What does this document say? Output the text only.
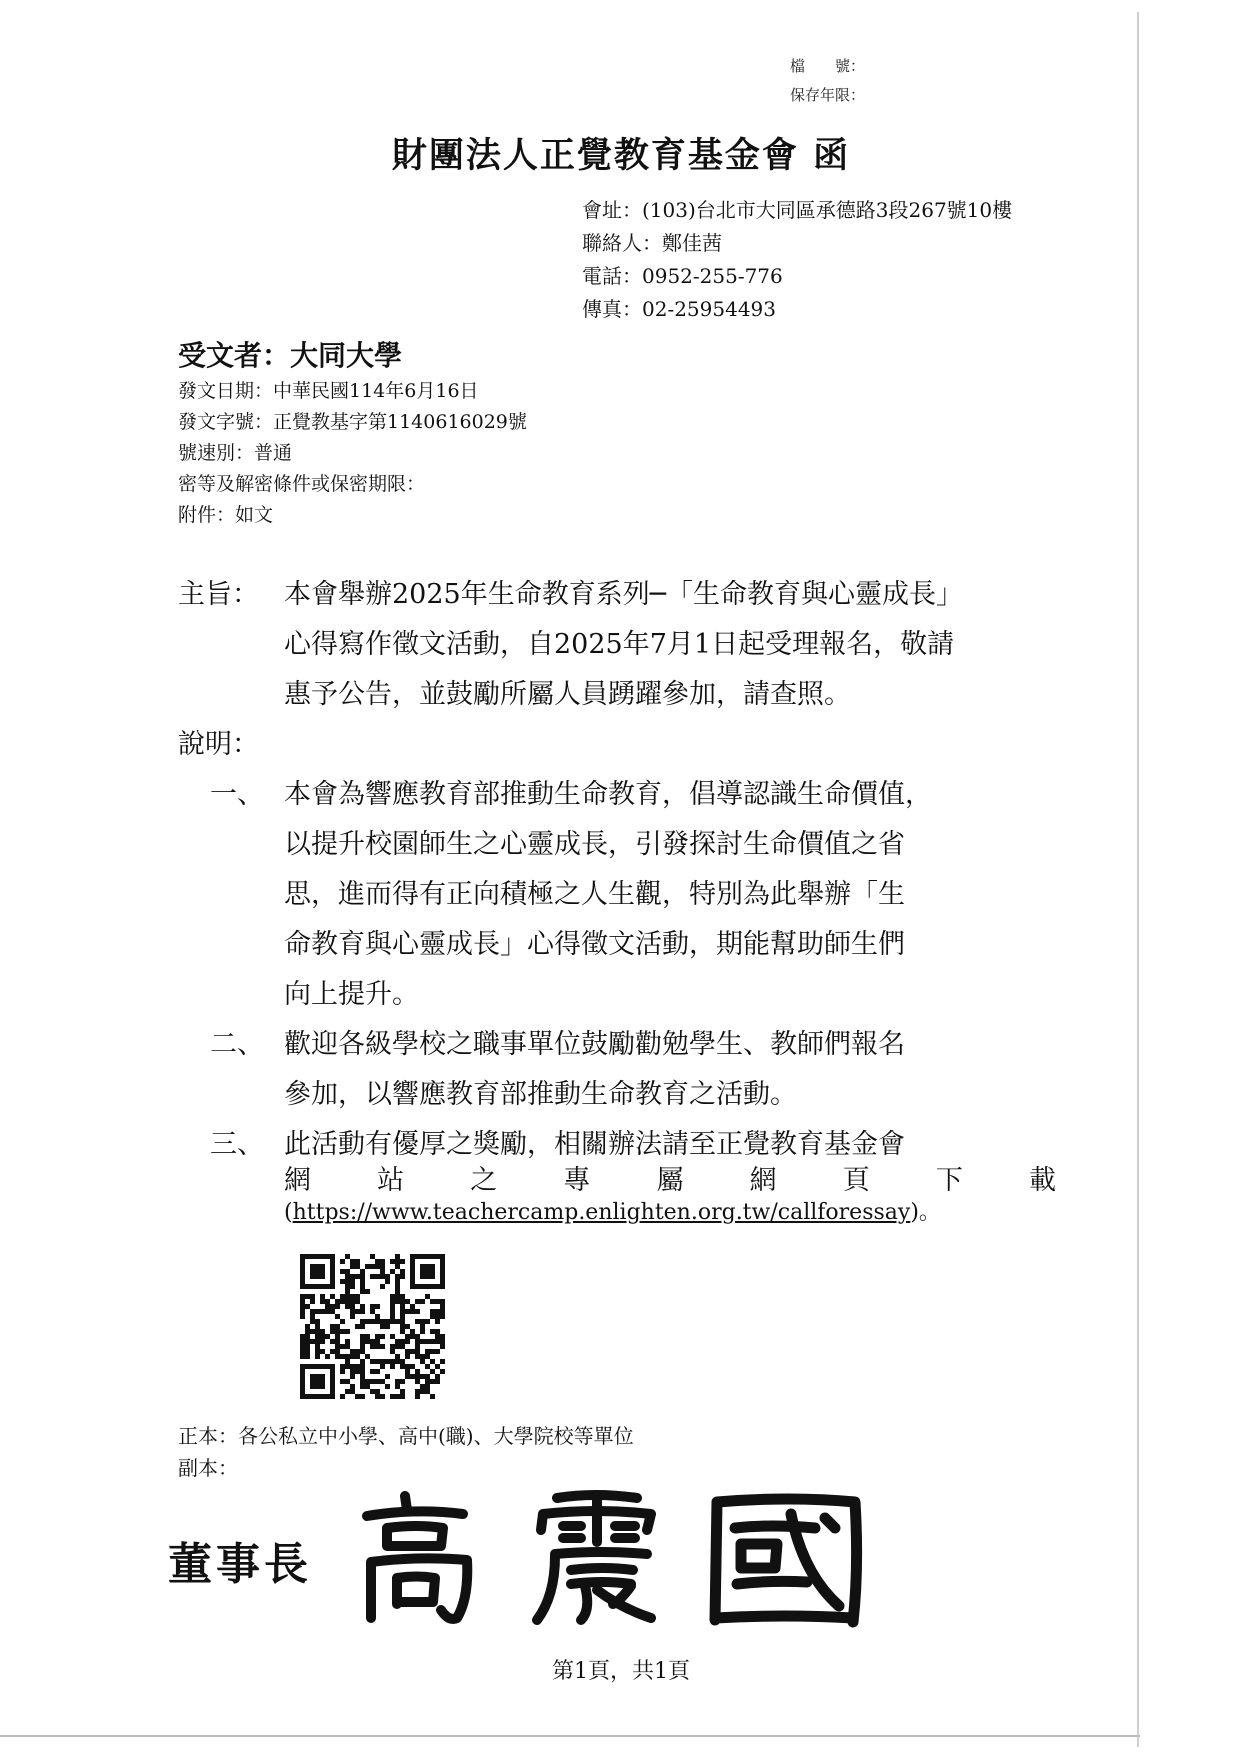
檔　　號：
保存年限：
財團法人正覺教育基金會 函
會址：(103)台北市大同區承德路3段267號10樓
聯絡人：鄭佳茜
電話：0952-255-776
傳真：02-25954493
受文者：大同大學
發文日期：中華民國114年6月16日
發文字號：正覺教基字第1140616029號
號速別：普通
密等及解密條件或保密期限：
附件：如文
主旨： 本會舉辦2025年生命教育系列─「生命教育與心靈成長」
心得寫作徵文活動，自2025年7月1日起受理報名，敬請
惠予公告，並鼓勵所屬人員踴躍參加，請查照。
說明：
一、 本會為響應教育部推動生命教育，倡導認識生命價值，
以提升校園師生之心靈成長，引發探討生命價值之省
思，進而得有正向積極之人生觀，特別為此舉辦「生
命教育與心靈成長」心得徵文活動，期能幫助師生們
向上提升。
二、 歡迎各級學校之職事單位鼓勵勸勉學生、教師們報名
參加，以響應教育部推動生命教育之活動。
三、 此活動有優厚之獎勵，相關辦法請至正覺教育基金會
網 站 之 專 屬 網 頁 下 載
(https://www.teachercamp.enlighten.org.tw/callforessay)。
正本：各公私立中小學、高中(職)、大學院校等單位
副本：
董事長
第1頁，共1頁
